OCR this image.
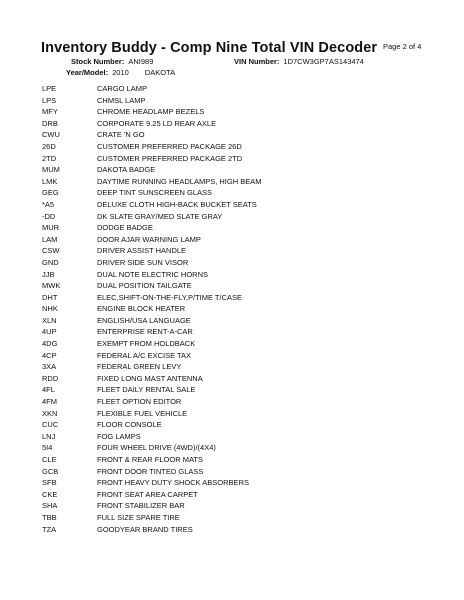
Inventory Buddy - Comp Nine Total VIN Decoder Page 2 of 4
Stock Number: ANI989	VIN Number: 1D7CW3GP7AS143474
Year/Model: 2010 DAKOTA
LPE	CARGO LAMP
LPS	CHMSL LAMP
MFY	CHROME HEADLAMP BEZELS
DRB	CORPORATE 9.25 LD REAR AXLE
CWU	CRATE 'N GO
26D	CUSTOMER PREFERRED PACKAGE 26D
2TD	CUSTOMER PREFERRED PACKAGE 2TD
MUM	DAKOTA BADGE
LMK	DAYTIME RUNNING HEADLAMPS, HIGH BEAM
GEG	DEEP TINT SUNSCREEN GLASS
*A5	DELUXE CLOTH HIGH-BACK BUCKET SEATS
-DD	DK SLATE GRAY/MED SLATE GRAY
MUR	DODGE BADGE
LAM	DOOR AJAR WARNING LAMP
CSW	DRIVER ASSIST HANDLE
GND	DRIVER SIDE SUN VISOR
JJB	DUAL NOTE ELECTRIC HORNS
MWK	DUAL POSITION TAILGATE
DHT	ELEC,SHIFT-ON-THE-FLY,P/TIME T/CASE
NHK	ENGINE BLOCK HEATER
XLN	ENGLISH/USA LANGUAGE
4UP	ENTERPRISE RENT-A-CAR
4DG	EXEMPT FROM HOLDBACK
4CP	FEDERAL A/C EXCISE TAX
3XA	FEDERAL GREEN LEVY
RDD	FIXED LONG MAST ANTENNA
4FL	FLEET DAILY RENTAL SALE
4FM	FLEET OPTION EDITOR
XKN	FLEXIBLE FUEL VEHICLE
CUC	FLOOR CONSOLE
LNJ	FOG LAMPS
5I4	FOUR WHEEL DRIVE (4WD)/(4X4)
CLE	FRONT & REAR FLOOR MATS
GCB	FRONT DOOR TINTED GLASS
SFB	FRONT HEAVY DUTY SHOCK ABSORBERS
CKE	FRONT SEAT AREA CARPET
SHA	FRONT STABILIZER BAR
TBB	FULL SIZE SPARE TIRE
TZA	GOODYEAR BRAND TIRES
